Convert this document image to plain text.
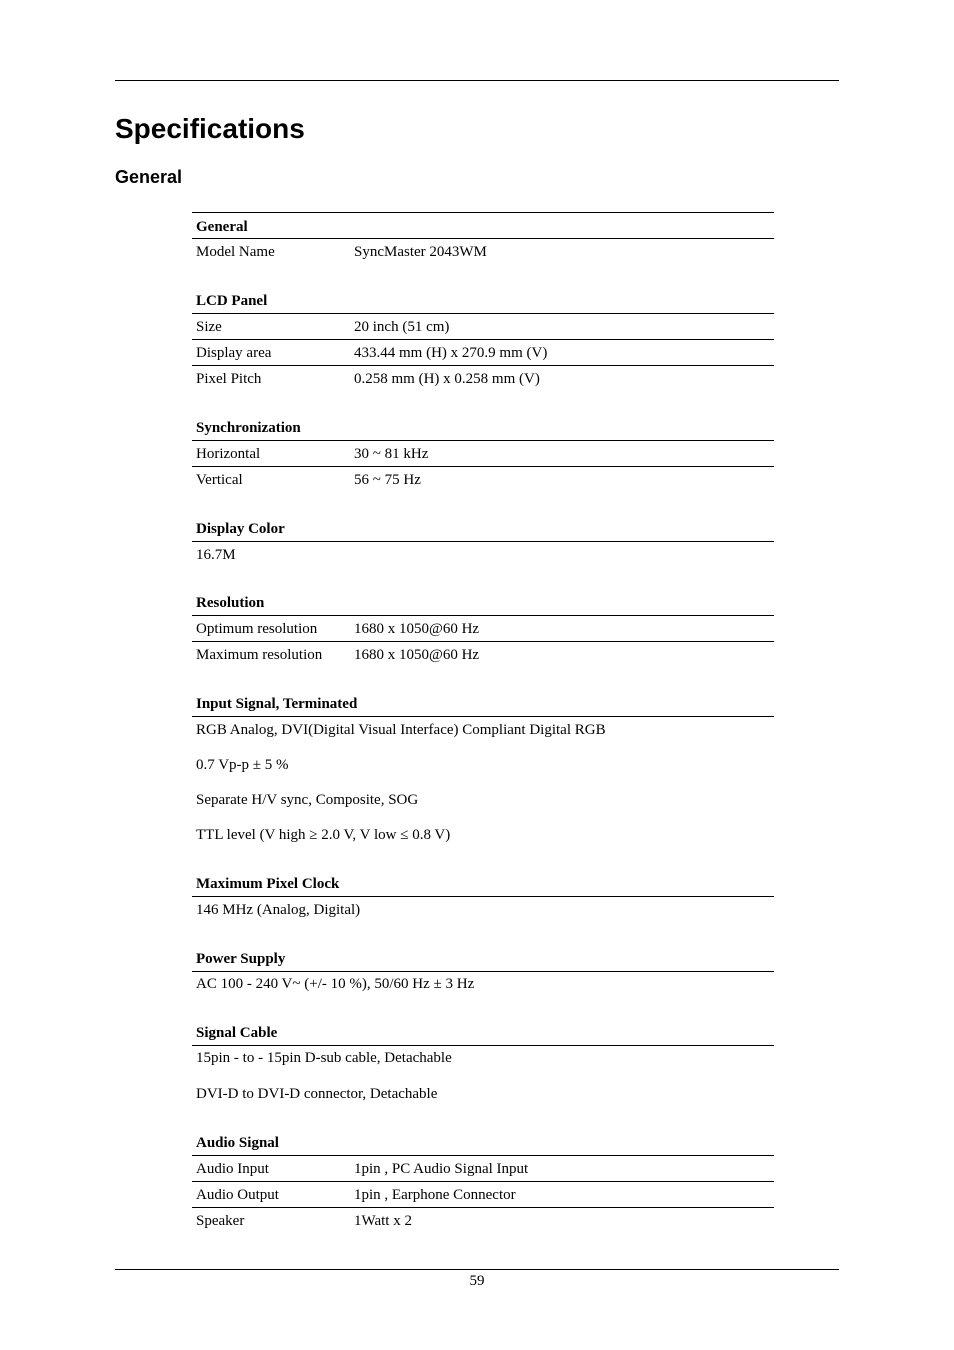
Specifications
General
General
Model Name	SyncMaster 2043WM
LCD Panel
Size	20 inch (51 cm)
Display area	433.44 mm (H) x 270.9 mm (V)
Pixel Pitch	0.258 mm (H) x 0.258 mm (V)
Synchronization
Horizontal	30 ~ 81 kHz
Vertical	56 ~ 75 Hz
Display Color
16.7M
Resolution
Optimum resolution 1680 x 1050@60 Hz
Maximum resolution 1680 x 1050@60 Hz
Input Signal, Terminated
RGB Analog, DVI(Digital Visual Interface) Compliant Digital RGB
0.7 Vp-p ± 5 %
Separate H/V sync, Composite, SOG
TTL level (V high ≥ 2.0 V, V low ≤ 0.8 V)
Maximum Pixel Clock
146 MHz (Analog, Digital)
Power Supply
AC 100 - 240 V~ (+/- 10 %), 50/60 Hz ± 3 Hz
Signal Cable
15pin - to - 15pin D-sub cable, Detachable
DVI-D to DVI-D connector, Detachable
Audio Signal
Audio Input	1pin , PC Audio Signal Input
Audio Output	1pin , Earphone Connector
Speaker	1Watt x 2
59
